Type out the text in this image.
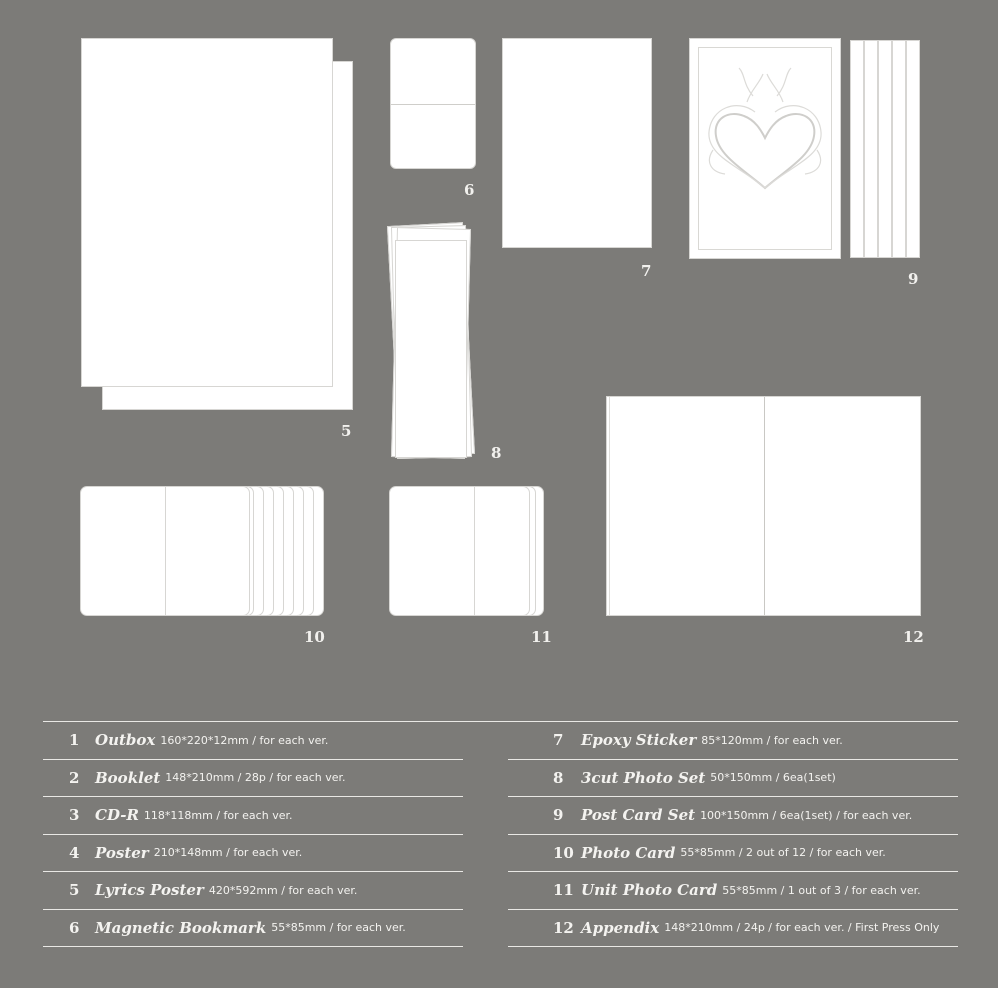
5
6
7
8
9
10	11	12
1	Outbox 160*220*12mm / for each ver.
2	Booklet 148*210mm / 28p / for each ver.
3	CD-R 118*118mm / for each ver.
4	Poster 210*148mm / for each ver.
5	Lyrics Poster 420*592mm / for each ver.
6	Magnetic Bookmark 55*85mm / for each ver.
7	Epoxy Sticker 85*120mm / for each ver.
8	3cut Photo Set 50*150mm / 6ea(1set)
9	Post Card Set 100*150mm / 6ea(1set) / for each ver.
10 Photo Card 55*85mm / 2 out of 12 / for each ver.
11 Unit Photo Card 55*85mm / 1 out of 3 / for each ver.
12 Appendix 148*210mm / 24p / for each ver. / First Press Only
